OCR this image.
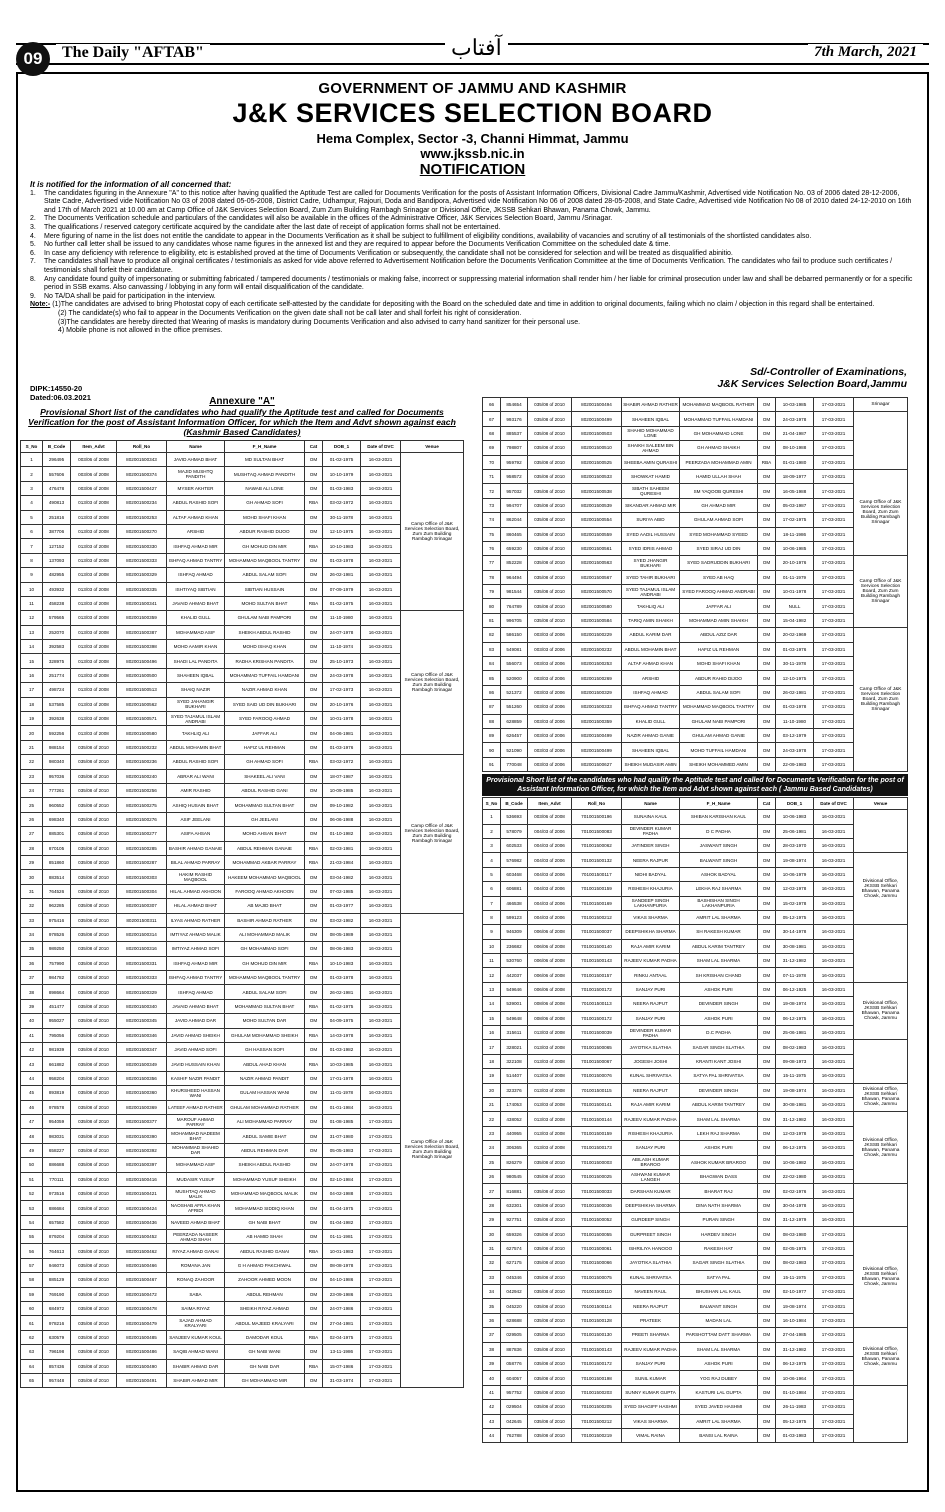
09	The Daily "AFTAB"	آفتاب	7th March, 2021
GOVERNMENT OF JAMMU AND KASHMIR
J&K SERVICES SELECTION BOARD
Hema Complex, Sector -3, Channi Himmat, Jammu
www.jkssb.nic.in
NOTIFICATION
It is notified for the information of all concerned that:
1.	The candidates figuring in the Annexure "A" to this notice after having qualified the Aptitude Test are called for Documents Verification for the posts of Assistant Information Officers, Divisional Cadre Jammu/Kashmir, Advertised vide Notification No. 03 of 2006 dated 28-12-2006, State Cadre, Advertised vide Notification No 03 of 2008 dated 05-05-2008, District Cadre, Udhampur, Rajouri, Doda and Bandipora, Advertised vide Notification No 06 of 2008 dated 28-05-2008, and State Cadre, Advertised vide Notification No 08 of 2010 dated 24-12-2010 on 16th and 17th of March 2021 at 10.00 am at Camp Office of J&K Services Selection Board, Zum Zum Building Rambagh Srinagar or Divisional Office, JKSSB Sehkari Bhawan, Panama Chowk, Jammu.
2.	The Documents Verification schedule and particulars of the candidates will also be available in the offices of the Administrative Officer, J&K Services Selection Board, Jammu /Srinagar.
3.	The qualifications / reserved category certificate acquired by the candidate after the last date of receipt of application forms shall not be entertained.
4.	Mere figuring of name in the list does not entitle the candidate to appear in the Documents Verification as it shall be subject to fulfillment of eligibility conditions, availability of vacancies and scrutiny of all testimonials of the shortlisted candidates also.
5.	No further call letter shall be issued to any candidates whose name figures in the annexed list and they are required to appear before the Documents Verification Committee on the scheduled date & time.
6.	In case any deficiency with reference to eligibility, etc is established proved at the time of Documents Verification or subsequently, the candidate shall not be considered for selection and will be treated as disqualified abinitio.
7.	The candidates shall have to produce all original certificates / testimonials as asked for vide above referred to Advertisement Notification before the Documents Verification Committee at the time of Documents Verification. The candidates who fail to produce such certificates / testimonials shall forfeit their candidature.
8.	Any candidate found guilty of impersonating or submitting fabricated / tampered documents / testimonials or making false, incorrect or suppressing material information shall render him / her liable for criminal prosecution under law and shall be debarred permanently or for a specific period in SSB exams. Also canvassing / lobbying in any form will entail disqualification of the candidate.
9.	No TA/DA shall be paid for participation in the interview.
Note:- (1)The candidates are advised to bring Photostat copy of each certificate self-attested by the candidate for depositing with the Board on the scheduled date and time in addition to original documents, failing which no claim / objection in this regard shall be entertained.
(2) The candidate(s) who fail to appear in the Documents Verification on the given date shall not be call later and shall forfeit his right of consideration.
(3)The candidates are hereby directed that Wearing of masks is mandatory during Documents Verification and also advised to carry hand sanitizer for their personal use.
4) Mobile phone is not allowed in the office premises.
Sd/-Controller of Examinations,
J&K Services Selection Board,Jammu
DIPK:14550-20
Dated:06.03.2021	Annexure "A"
Provisional Short list of the candidates who had qualify the Aptitude test and called for Documents Verification for the post of Assistant Information Officer, for which the Item and Advt shown against each (Kashmir Based Candidates)
S_No	B_Code	Item_Advt	Roll_No	Name	F_H_Name	Cat	DOB_1	Date of DVC	Venue
1	296495	003/06 of 2008	802001500343	JAVID AHMAD BHAT	MD SULTAN BHAT	OM	01-02-1975	16-03-2021	Camp Office of J&K Services Selection Board, Zum Zum Building Rambagh Srinagar
2	557606	003/06 of 2008	802001500374	MAJID MUSHTQ PANDITH	MUSHTAQ AHMAD PANDITH	OM	10-10-1979	16-03-2021	
3	476478	003/06 of 2008	802001500427	MYSER AKHTER	NAWAB ALI LONE	OM	01-03-1983	16-03-2021	
4	490813	013/03 of 2008	802001500234	ABDUL RASHID SOFI	GH AHMAD SOFI	RBA	03-02-1972	16-03-2021	
5	251816	013/03 of 2008	802001500253	ALTAF AHMAD KHAN	MOHD SHAFI KHAN	OM	30-11-1978	16-03-2021	
6	387706	013/03 of 2008	802001500270	ARSHID	ABDUR RASHID DIJOO	OM	12-10-1975	16-03-2021	
7	127152	013/03 of 2008	802001500330	ISHFAQ AHMAD MIR	GH MOHUD DIN MIR	RBA	10-10-1983	16-03-2021	
8	137093	013/03 of 2008	802001500333	ISHFAQ AHMAD TANTRY	MOHAMMAD MAQBOOL TANTRY	OM	01-03-1978	16-03-2021	
9	482955	013/03 of 2008	802001500329	ISHFAQ AHMAD	ABDUL SALAM SOFI	OM	26-02-1981	16-03-2021	
10	493932	013/03 of 2008	802001500335	ISHTIYAQ SIBTIAN	SIBTIAN HUSSAIN	OM	07-09-1979	16-03-2021	
11	458238	013/03 of 2008	802001500341	JAVAID AHMAD BHAT	MOHD SULTAN BHAT	RBA	01-02-1975	16-03-2021	
12	579565	013/03 of 2008	802001500359	KHALID GULL	GHULAM NABI PAMPORI	OM	11-10-1980	16-03-2021	Camp Office of J&K Services Selection Board, Zum Zum Building Rambagh Srinagar
13	252070	013/03 of 2008	802001500387	MOHAMMAD ASIF	SHEIKH ABDUL RASHID	OM	24-07-1978	16-03-2021	
14	392583	013/03 of 2008	802001500398	MOHD AAMIR KHAN	MOHD ISHAQ KHAN	OM	11-10-1974	16-03-2021	
15	328975	013/03 of 2008	802001500496	SHADI LAL PANDITA	RADHA KRISHAN PANDITA	OM	25-10-1973	16-03-2021	
16	251774	013/03 of 2008	802001500500	SHAHEEN IQBAL	MOHAMMAD TUFFAIL HAMDANI	OM	24-03-1978	16-03-2021	
17	498724	013/03 of 2008	802001500513	SHAIQ NAZIR	NAZIR AHMAD KHAN	OM	17-02-1973	16-03-2021	
18	537585	013/03 of 2008	802001500562	SYED JAHANGIR BUKHARI	SYED SAID UD DIN BUKHARI	OM	20-10-1976	16-03-2021	
19	392638	013/03 of 2008	802001500571	SYED TAJAMUL ISLAM ANDRABI	SYED FAROOQ AHMAD	OM	10-01-1978	16-03-2021	
20	592256	013/03 of 2008	802001500580	TAKHLIQ ALI	JAFFAR ALI	OM	04-06-1981	16-03-2021	
21	988154	035/08 of 2010	802001500232	ABDUL MOHAMIN BHAT	HAFIZ UL REHMAN	OM	01-03-1976	16-03-2021	
22	980340	035/08 of 2010	802001500236	ABDUL RASHID SOFI	GH AHMAD SOFI	RBA	03-02-1972	16-03-2021	Camp Office of J&K Services Selection Board, Zum Zum Building Rambagh Srinagar
23	957036	035/08 of 2010	802001500240	ABRAR ALI WANI	SHAKEEL ALI VANI	OM	18-07-1987	16-03-2021	
24	777261	035/08 of 2010	802001500256	AMIR RASHID	ABDUL RASHID GANI	OM	10-09-1985	16-03-2021	
25	960552	035/08 of 2010	802001500275	ASHIQ HUSAIN BHAT	MOHAMMAD SULTAN BHAT	OM	09-10-1982	16-03-2021	
26	698340	035/08 of 2010	802001500276	ASIF JEELANI	GH JEELANI	OM	06-06-1988	16-03-2021	
27	885301	035/08 of 2010	802001500277	ASIFA AHSAN	MOHD AHSAN BHAT	OM	01-10-1982	16-03-2021	
28	870105	035/08 of 2010	802001500285	BASHIR AHMAD GANAIE	ABDUL REHMAN GANAIE	RBA	02-03-1981	16-03-2021	
29	851860	035/08 of 2010	802001500287	BILAL AHMAD PARRAY	MOHAMMAD AKBAR PARRAY	RBA	21-03-1984	16-03-2021	
30	883514	035/08 of 2010	802001500303	HAKIM RASHID MAQBOOL	HAKEEM MOHAMMAD MAQBOOL	OM	03-04-1982	16-03-2021	
31	764526	035/08 of 2010	802001500304	HILAL AHMAD AKHOON	FAROOQ AHMAD AKHOON	OM	07-02-1985	16-03-2021	
32	962285	035/08 of 2010	802001500307	HILAL AHMAD BHAT	AB MAJID BHAT	OM	01-03-1977	16-03-2021	
33	975416	035/08 of 2010	802001500311	ILYAS AHMAD RATHER	BASHIR AHMAD RATHER	OM	03-02-1982	16-03-2021	Camp Office of J&K Services Selection Board, Zum Zum Building Rambagh Srinagar
34	978526	035/08 of 2010	802001500314	IMTIYAZ AHMAD MALIK	ALI MOHAMMAD MALIK	OM	08-05-1989	16-03-2021	
35	989250	035/08 of 2010	802001500316	IMTIYAZ AHMAD SOFI	GH MOHAMMAD SOFI	OM	08-06-1983	16-03-2021	
36	757990	035/08 of 2010	802001500331	ISHFAQ AHMAD MIR	GH MOHUD DIN MIR	RBA	10-10-1983	16-03-2021	
37	984782	035/08 of 2010	802001500333	ISHFAQ AHMAD TANTRY	MOHAMMAD MAQBOOL TANTRY	OM	01-03-1978	16-03-2021	
38	898664	035/08 of 2010	802001500329	ISHFAQ AHMAD	ABDUL SALAM SOFI	OM	26-02-1981	16-03-2021	
39	451477	035/08 of 2010	802001500340	JAVAID AHMAD BHAT	MOHAMMAD SULTAN BHAT	RBA	01-02-1975	16-03-2021	
40	955027	035/08 of 2010	802001500345	JAVID AHMAD DAR	MOHD SULTAN DAR	OM	04-09-1975	16-03-2021	
41	795056	035/08 of 2010	802001500346	JAVID AHMAD SHEIKH	GHULAM MOHAMMAD SHEIKH	RBA	14-03-1978	16-03-2021	
42	981939	035/08 of 2010	802001500347	JAVID AHMAD SOFI	GH HASSAN SOFI	OM	01-03-1982	16-03-2021	
43	661882	035/08 of 2010	802001500349	JAVID HUSSAIN KHAN	ABDUL AHAD KHAN	RBA	10-03-1985	16-03-2021	
44	958204	035/08 of 2010	802001500356	KASHIF NAZIR PANDIT	NAZIR AHMAD PANDIT	OM	17-01-1978	16-03-2021	
45	893819	035/08 of 2010	802001500360	KHURSHEED HASSAN WANI	GULAM HASSAN WANI	OM	11-01-1978	16-03-2021	
46	978578	035/08 of 2010	802001500369	LATEEF AHMAD RATHER	GHULAM MOHAMMAD RATHER	OM	01-01-1984	16-03-2021	
47	954059	035/08 of 2010	802001500377	MAROUF AHMAD PARRAY	ALI MOHAMMAD PARRAY	OM	01-08-1985	17-03-2021	
48	983031	035/08 of 2010	802001500390	MOHAMMAD NADEEM BHAT	ABDUL SAMIE BHAT	OM	31-07-1980	17-03-2021	
49	658227	035/08 of 2010	802001500392	MOHAMMAD SHAHID DAR	ABDUL REHMAN DAR	OM	05-05-1983	17-03-2021	
50	886688	035/08 of 2010	802001500397	MOHAMMAD ASIF	SHEIKH ABDUL RASHID	OM	24-07-1978	17-03-2021	
51	770111	035/08 of 2010	802001500416	MUDASIR YUSUF	MOHAMMAD YUSUF SHEIKH	OM	02-10-1984	17-03-2021	
52	973516	035/08 of 2010	802001500421	MUSHTAQ AHMAD MALIK	MOHAMMAD MAQBOOL MALIK	OM	04-02-1988	17-03-2021	
53	886684	035/08 of 2010	802001500424	NAOSHAB AFRA KHAN AFRIDI	MOHAMMAD SIDDIQ KHAN	OM	01-04-1975	17-03-2021	
54	657582	035/08 of 2010	802001500436	NAVEED AHMAD BHAT	GH NABI BHAT	OM	01-04-1982	17-03-2021	
55	879204	035/08 of 2010	802001500452	PEERZADA NASEER AHMAD SHAH	AB HAMID SHAH	OM	01-11-1981	17-03-2021	
56	764613	035/08 of 2010	802001500462	RIYAZ AHMAD GANAI	ABDUL RASHID GANAI	RBA	10-01-1983	17-03-2021	
57	946073	035/08 of 2010	802001500466	ROMANA JAN	G H AHMAD PAKCHIWAL	OM	08-08-1978	17-03-2021	
58	885129	035/08 of 2010	802001500467	RONAQ ZAHOOR	ZAHOOR AHMED MOON	OM	04-10-1986	17-03-2021	
59	769190	035/08 of 2010	802001500472	SABA	ABDUL REHMAN	OM	23-09-1986	17-03-2021	
60	684972	035/08 of 2010	802001500478	SAIMA RIYAZ	SHEIKH RIYAZ AHMAD	OM	24-07-1986	17-03-2021	
61	978216	035/08 of 2010	802001500479	SAJAD AHMAD KRALYARI	ABDUL MAJEED KRALYARI	OM	27-04-1981	17-03-2021	
62	630579	035/08 of 2010	802001500485	SANJEEV KUMAR KOUL	DAMODAR KOUL	RBA	02-04-1975	17-03-2021	
63	796198	035/08 of 2010	802001500486	SAQIB AHMAD WANI	GH NABI WANI	OM	13-11-1986	17-03-2021	
64	857436	035/08 of 2010	802001500490	SHABIR AHMAD DAR	GH NABI DAR	RBA	15-07-1986	17-03-2021	
65	957448	035/08 of 2010	802001500491	SHABIR AHMAD MIR	GH MOHAMMAD MIR	OM	31-03-1974	17-03-2021	
66	854654	035/08 of 2010	802001500494	SHABIR AHMAD RATHER	MOHAMMAD MAQBOOL RATHER	OM	10-03-1985	17-03-2021	Srinagar
67	993176	035/08 of 2010	802001500499	SHAHEEN IQBAL	MOHAMMAD TUFFAIL HAMDANI	OM	24-03-1978	17-03-2021	
68	885537	035/08 of 2010	802001500503	SHAHID MOHAMMAD LONE	GH MOHAMMAD LONE	OM	21-04-1987	17-03-2021	
69	798807	035/08 of 2010	802001500510	SHAIKH SALEEM BIN AHMAD	GH AHMAD SHAIKH	OM	08-10-1988	17-03-2021	
70	959792	035/08 of 2010	802001500525	SHEEBA AMIN QURASHI	PEERZADA MOHAMMAD AMIN	RBA	01-01-1980	17-03-2021	
71	958572	035/08 of 2010	802001500533	SHOWKAT HAMID	HAMID ULLAH SHAH	OM	18-09-1977	17-03-2021	Camp Office of J&K Services Selection Board, Zum Zum Building Rambagh Srinagar
72	957032	035/08 of 2010	802001500538	SIBATH SAHEEM QURESHI	SM YAQOOB QURESHI	OM	16-05-1988	17-03-2021	
73	994707	035/08 of 2010	802001500539	SIKANDAR AHMAD MIR	GH AHMAD MIR	OM	05-03-1987	17-03-2021	
74	862044	035/08 of 2010	802001500554	SURIYA ABID	GHULAM AHMAD SOFI	OM	17-02-1975	17-03-2021	
75	860465	035/08 of 2010	802001500559	SYED AADIL HUSSAIN	SYED MOHAMMAD SYEED	OM	18-11-1986	17-03-2021	
76	659230	035/08 of 2010	802001500561	SYED IDRIS AHMAD	SYED SIRAJ UD DIN	OM	10-06-1985	17-03-2021	
77	852228	035/08 of 2010	802001500563	SYED JHANGIR BUKHARI	SYED SADRUDDIN BUKHARI	OM	20-10-1976	17-03-2021	Camp Office of J&K Services Selection Board, Zum Zum Building Rambagh Srinagar
78	964494	035/08 of 2010	802001500567	SYED TAHIR BUKHARI	SYED AB HAQ	OM	01-11-1979	17-03-2021	
79	981544	035/08 of 2010	802001500570	SYED TAJAMUL ISLAM ANDRABI	SYED FAROOQ AHMAD ANDRABI	OM	10-01-1978	17-03-2021	
80	764789	035/08 of 2010	802001500580	TAKHLIQ ALI	JAFFAR ALI	OM	NULL	17-03-2021	
81	996705	035/08 of 2010	802001500584	TARIQ AMIN SHAIKH	MOHAMMAD AMIN SHAIKH	OM	15-04-1982	17-03-2021	
82	586150	003/03 of 2006	802001500229	ABDUL KARIM DAR	ABDUL AZIZ DAR	OM	20-02-1969	17-03-2021	Camp Office of J&K Services Selection Board, Zum Zum Building Rambagh Srinagar
83	549081	003/03 of 2006	802001500232	ABDUL MOHAMIN BHAT	HAFIZ UL REHMAN	OM	01-03-1976	17-03-2021	
84	556073	003/03 of 2006	802001500253	ALTAF AHMAD KHAN	MOHD SHAFI KHAN	OM	30-11-1978	17-03-2021	
85	520900	003/03 of 2006	802001500269	ARSHID	ABDUR RAHID DIJOO	OM	12-10-1975	17-03-2021	
86	521372	003/03 of 2006	802001500329	ISHFAQ AHMAD	ABDUL SALAM SOFI	OM	26-02-1981	17-03-2021	
87	551260	003/03 of 2006	802001500333	ISHFAQ AHMAD TANTRY	MOHAMMAD MAQBOOL TANTRY	OM	01-03-1978	17-03-2021	
88	628859	003/03 of 2006	802001500359	KHALID GULL	GHULAM NABI PAMPORI	OM	11-10-1980	17-03-2021	
89	626457	003/03 of 2006	802001500499	NAZIR AHMAD GANIE	GHULAM AHMAD GANIE	OM	03-12-1979	17-03-2021	
90	521090	003/03 of 2006	802001500499	SHAHEEN IQBAL	MOHD TUFFAIL HAMDANI	OM	24-03-1978	17-03-2021	
91	770048	003/03 of 2006	802001500627	SHEIKH MUDASIR AMIN	SHEIKH MOHAMMED AMIN	OM	22-09-1983	17-03-2021	
Provisional Short list of the candidates who had qualify the Aptitude test and called for Documents Verification for the post of Assistant Information Officer, for which the Item and Advt shown against each ( Jammu Based Candidates)
S_No	B_Code	Item_Advt	Roll_No	Name	F_H_Name	Cat	DOB_1	Date of DVC	Venue
1	536693	003/06 of 2008	701001500196	SUNAINA KAUL	SHIBAN KARISHAN KAUL	OM	10-06-1983	16-03-2021	
2	578079	004/03 of 2006	701001500083	DEVINDER KUMAR PADHA	D C PADHA	OM	25-06-1981	16-03-2021	
3	602533	004/03 of 2006	701001500062	JATINDER SINGH	JASWANT SINGH	OM	28-03-1970	16-03-2021	
4	576982	004/03 of 2006	701001500132	NEERA RAJPUR	BALWANT SINGH	OM	19-08-1974	16-03-2021	Divisional Office, JKSSB Sehkari Bhawan, Panama Chowk, Jammu
5	603468	004/03 of 2006	701001500117	NIDHI BADYAL	ASHOK BADYAL	OM	10-06-1979	16-03-2021	
6	606881	004/03 of 2006	701001500159	RISHESH KHAJURIA	LEKHA RAJ SHARMA	OM	12-03-1978	16-03-2021	
7	466538	004/03 of 2006	701001500169	SANDEEP SINGH LAKHANPURIA	BASHISHAN SINGH LAKHANPURIA	OM	15-02-1978	16-03-2021	
8	599123	004/03 of 2006	701001500212	VIKAS SHARMA	AMRIT LAL SHARMA	OM	05-12-1975	16-03-2021	
9	946309	006/06 of 2008	701001500037	DEEPSHIKHA SHARMA	SH RAKESH KUMAR	OM	30-14-1978	16-03-2021	
10	236682	006/06 of 2008	701001500140	RAJA AMIR KARIM	ABDUL KARIM TANTREY	OM	30-08-1981	16-03-2021	
11	530760	006/06 of 2008	701001500143	RAJEEV KUMAR PADHA	SHAM LAL SHARMA	OM	31-12-1982	16-03-2021	
12	442037	006/06 of 2008	701001500157	RINKU ANTAAL	SH KRISHAN CHAND	OM	07-11-1978	16-03-2021	
13	549646	006/06 of 2008	701001500172	SANJAY PURI	ASHOK PURI	OM	06-12-1925	16-03-2021	Divisional Office, JKSSB Sehkari Bhawan, Panama Chowk, Jammu
14	539001	008/06 of 2008	701001500113	NEERA RAJPUT	DEVINDER SINGH	OM	19-08-1974	16-03-2021	
15	549648	008/06 of 2008	701001500172	SANJAY PURI	ASHOK PURI	OM	06-12-1975	16-03-2021	
16	315611	013/03 of 2008	701001500039	DEVINDER KUMAR PADHA	D.C PADHA	OM	25-06-1981	16-03-2021	
17	328021	013/03 of 2008	701001500065	JAYOTIKA SLATHIA	SAGAR SINGH SLATHIA	OM	08-02-1983	16-03-2021	
18	322108	013/03 of 2008	701001500067	JOGESH JOSHI	KRANTI KANT JOSHI	OM	09-08-1973	16-03-2021	
19	514407	013/03 of 2008	701001500076	KUNAL SHRIVATSA	SATYA PAL SHRIVATSA	OM	15-11-1975	16-03-2021	
20	323376	013/03 of 2008	701001500115	NEERA RAJPUT	DEVINDER SINGH	OM	19-08-1974	16-03-2021	Divisional Office, JKSSB Sehkari Bhawan, Panama Chowk, Jammu
21	174053	013/03 of 2008	701001500141	RAJA AMIR KARIM	ABDUL KARIM TANTREY	OM	30-08-1981	16-03-2021	
22	438052	013/03 of 2008	701001500144	RAJEEV KUMAR PADHA	SHAM LAL SHARMA	OM	31-12-1982	16-03-2021	Divisional Office, JKSSB Sehkari Bhawan, Panama Chowk, Jammu
23	440955	013/03 of 2008	701001500159	RISHESH KHAJURIA	LEKH RAJ SHARMA	OM	12-03-1978	16-03-2021	
24	306365	013/03 of 2008	701001500173	SANJAY PURI	ASHOK PURI	OM	06-12-1975	16-03-2021	
25	826279	035/08 of 2010	701001500003	ABILASH KUMAR BRAROO	ASHOK KUMAR BRAROO	OM	10-06-1982	16-03-2021	
26	980545	035/08 of 2010	701001500025	ASHWANI KUMAR LANGEH	BHAGWAN DASS	OM	22-02-1980	16-03-2021	
27	816881	035/08 of 2010	701001500033	DARSHAN KUMAR	BHARAT RAJ	OM	02-02-1976	16-03-2021	
28	632301	035/08 of 2010	701001500036	DEEPSHIKHA SHARMA	DINA NATH SHARMA	OM	30-04-1978	16-03-2021	
29	927751	035/08 of 2010	701001500052	GURDEEP SINGH	PURAN SINGH	OM	31-12-1979	16-03-2021	
30	659326	035/08 of 2010	701001500055	GURPREET SINGH	HARDEV SINGH	OM	08-03-1980	17-03-2021	Divisional Office, JKSSB Sehkari Bhawan, Panama Chowk, Jammu
31	627574	035/08 of 2010	701001500061	ISHRILIYA HANOOO	RAKESH HAT	OM	02-05-1975	17-03-2021	
32	627175	035/08 of 2010	701001500066	JAYOTIKA SLATHIA	SAGAR SINGH SLATHIA	OM	08-02-1983	17-03-2021	
33	045346	035/08 of 2010	701001500075	KUNAL SHRIVATSA	SATYA PAL	OM	15-11-1975	17-03-2021	
34	042942	035/08 of 2010	701001500110	NAVEEN RAUL	BHUSHAN LAL KAUL	OM	02-10-1977	17-03-2021	
35	045220	035/08 of 2010	701001500114	NEERA RAJPUT	BALWANT SINGH	OM	19-08-1974	17-03-2021	
36	628688	035/08 of 2010	701001500128	PRATEEK	MADAN LAL	OM	16-10-1984	17-03-2021	
37	029505	035/08 of 2010	701001500130	PREETI SHARMA	PARSHOTTAM DATT SHARMA	OM	27-04-1985	17-03-2021	Divisional Office, JKSSB Sehkari Bhawan, Panama Chowk, Jammu
38	887836	035/08 of 2010	701001500143	RAJEEV KUMAR PADHA	SHAM LAL SHARMA	OM	31-12-1982	17-03-2021	
39	058776	035/08 of 2010	701001500172	SANJAY PURI	ASHOK PURI	OM	06-12-1975	17-03-2021	
40	604057	035/08 of 2010	701001500198	SUNIL KUMAR	YOG RAJ DUBEY	OM	10-06-1964	17-03-2021	
41	957752	035/08 of 2010	701001500203	SUNNY KUMAR GUPTA	KASTURI LAL GUPTA	OM	01-10-1984	17-03-2021	
42	029504	035/08 of 2010	701001500205	SYED SHAGIFF HASHMI	SYED JAVED HASHMI	OM	26-11-1983	17-03-2021	
43	042645	035/08 of 2010	701001500212	VIKAS SHARMA	AMRIT LAL SHARMA	OM	05-12-1975	17-03-2021	
44	762788	035/08 of 2010	701001500219	VIMAL RAINA	BANSI LAL RAINA	OM	01-03-1983	17-03-2021	
